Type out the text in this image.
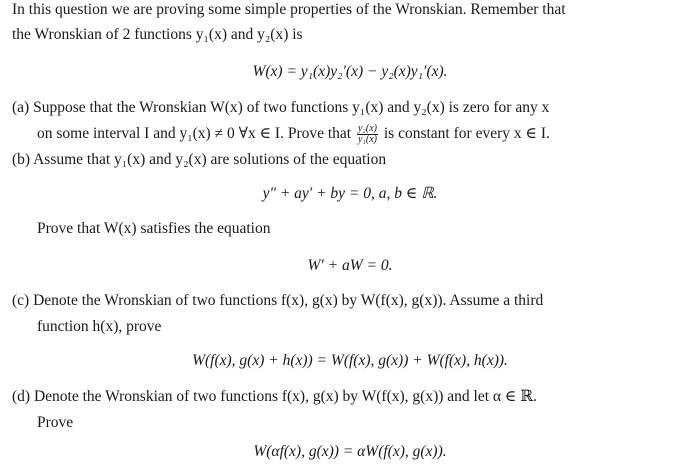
In this question we are proving some simple properties of the Wronskian. Remember that
the Wronskian of 2 functions y₁(x) and y₂(x) is
W(x) = y₁(x)y₂′(x) − y₂(x)y₁′(x).
(a) Suppose that the Wronskian W(x) of two functions y₁(x) and y₂(x) is zero for any x
on some interval I and y₁(x) ≠ 0 ∀x ∈ I. Prove that $\frac{\text{y₂(x)}}{\text{y₁(x)}}$ is constant for every x ∈ I.
(b) Assume that y₁(x) and y₂(x) are solutions of the equation
y″ + ay′ + by = 0, a, b ∈ ℝ.
Prove that W(x) satisfies the equation
W′ + aW = 0.
(c) Denote the Wronskian of two functions f(x), g(x) by W(f(x), g(x)). Assume a third
function h(x), prove
W(f(x), g(x) + h(x)) = W(f(x), g(x)) + W(f(x), h(x)).
(d) Denote the Wronskian of two functions f(x), g(x) by W(f(x), g(x)) and let α ∈ ℝ.
Prove
W(αf(x), g(x)) = αW(f(x), g(x)).
